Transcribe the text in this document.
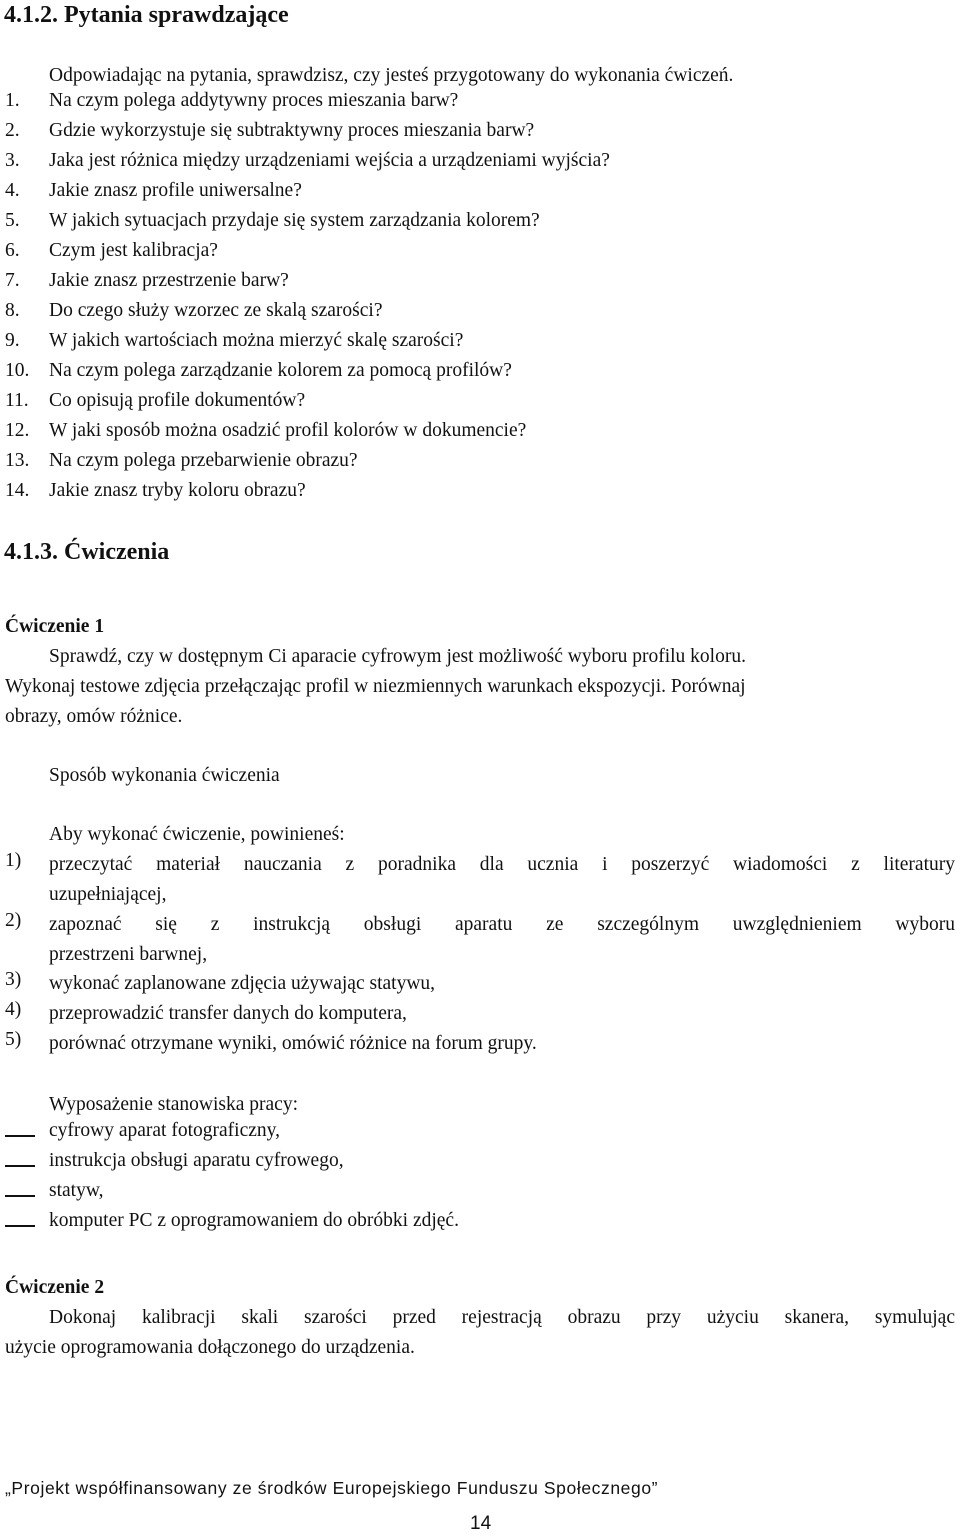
4.1.2. Pytania sprawdzające
Odpowiadając na pytania, sprawdzisz, czy jesteś przygotowany do wykonania ćwiczeń.
1. Na czym polega addytywny proces mieszania barw?
2. Gdzie wykorzystuje się subtraktywny proces mieszania barw?
3. Jaka jest różnica między urządzeniami wejścia a urządzeniami wyjścia?
4. Jakie znasz profile uniwersalne?
5. W jakich sytuacjach przydaje się system zarządzania kolorem?
6. Czym jest kalibracja?
7. Jakie znasz przestrzenie barw?
8. Do czego służy wzorzec ze skalą szarości?
9. W jakich wartościach można mierzyć skalę szarości?
10. Na czym polega zarządzanie kolorem za pomocą profilów?
11. Co opisują profile dokumentów?
12. W jaki sposób można osadzić profil kolorów w dokumencie?
13. Na czym polega przebarwienie obrazu?
14. Jakie znasz tryby koloru obrazu?
4.1.3. Ćwiczenia
Ćwiczenie 1
Sprawdź, czy w dostępnym Ci aparacie cyfrowym jest możliwość wyboru profilu koloru.
Wykonaj testowe zdjęcia przełączając profil w niezmiennych warunkach ekspozycji. Porównaj
obrazy, omów różnice.
Sposób wykonania ćwiczenia
Aby wykonać ćwiczenie, powinieneś:
1) przeczytać materiał nauczania z poradnika dla ucznia i poszerzyć wiadomości z literatury
uzupełniającej,
2) zapoznać się z instrukcją obsługi aparatu ze szczególnym uwzględnieniem wyboru
przestrzeni barwnej,
3) wykonać zaplanowane zdjęcia używając statywu,
4) przeprowadzić transfer danych do komputera,
5) porównać otrzymane wyniki, omówić różnice na forum grupy.
Wyposażenie stanowiska pracy:
cyfrowy aparat fotograficzny,
instrukcja obsługi aparatu cyfrowego,
statyw,
komputer PC z oprogramowaniem do obróbki zdjęć.
Ćwiczenie 2
Dokonaj kalibracji skali szarości przed rejestracją obrazu przy użyciu skanera, symulując
użycie oprogramowania dołączonego do urządzenia.
„Projekt współfinansowany ze środków Europejskiego Funduszu Społecznego”
14
